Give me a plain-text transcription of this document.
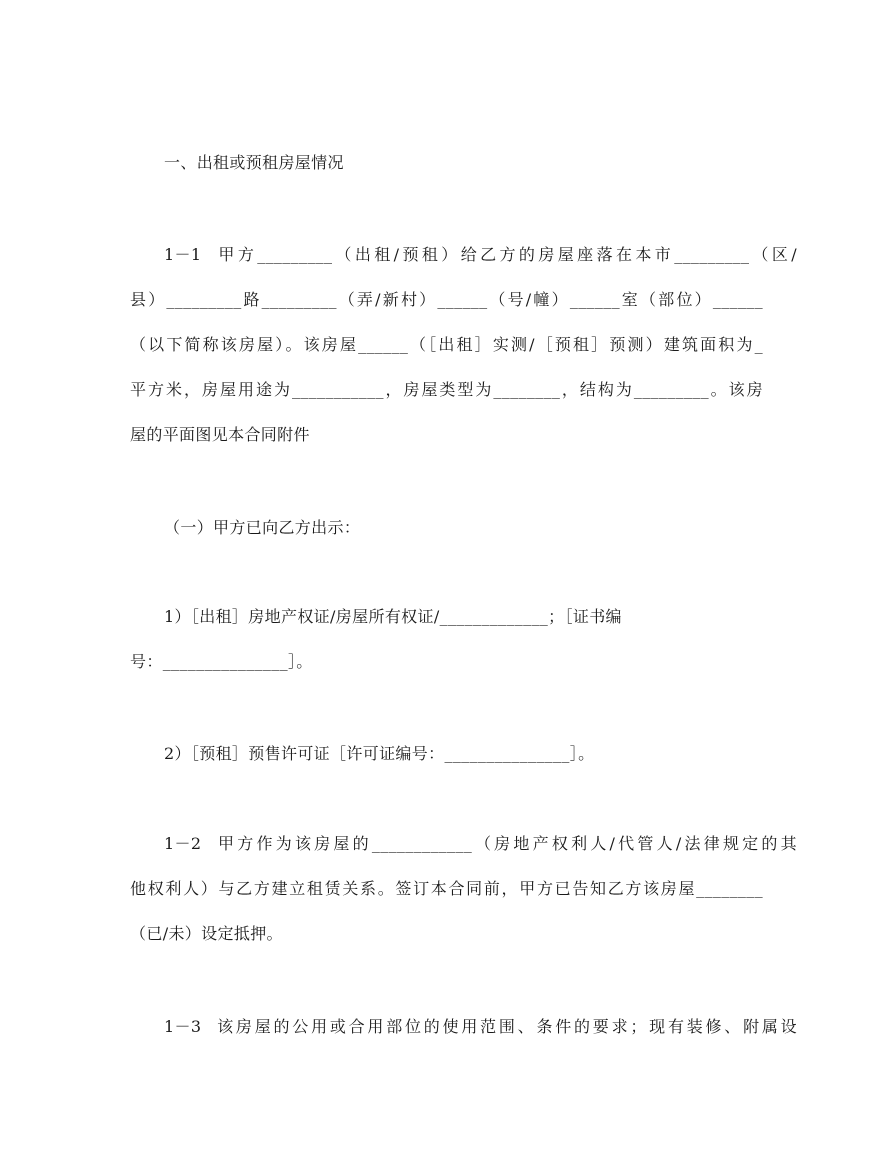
一、出租或预租房屋情况
1－1  甲方_________（出租/预租）给乙方的房屋座落在本市_________（区/
县）_________路_________（弄/新村）______（号/幢）______室（部位）______
（以下简称该房屋）。该房屋______（［出租］实测/［预租］预测）建筑面积为_
平方米，房屋用途为___________，房屋类型为________，结构为_________。该房
屋的平面图见本合同附件
（一）甲方已向乙方出示：
1）［出租］房地产权证/房屋所有权证/_____________；［证书编
号：_______________］。
2）［预租］预售许可证［许可证编号：_______________］。
1－2  甲方作为该房屋的____________（房地产权利人/代管人/法律规定的其
他权利人）与乙方建立租赁关系。签订本合同前，甲方已告知乙方该房屋________
（已/未）设定抵押。
1－3  该房屋的公用或合用部位的使用范围、条件的要求；现有装修、附属设
